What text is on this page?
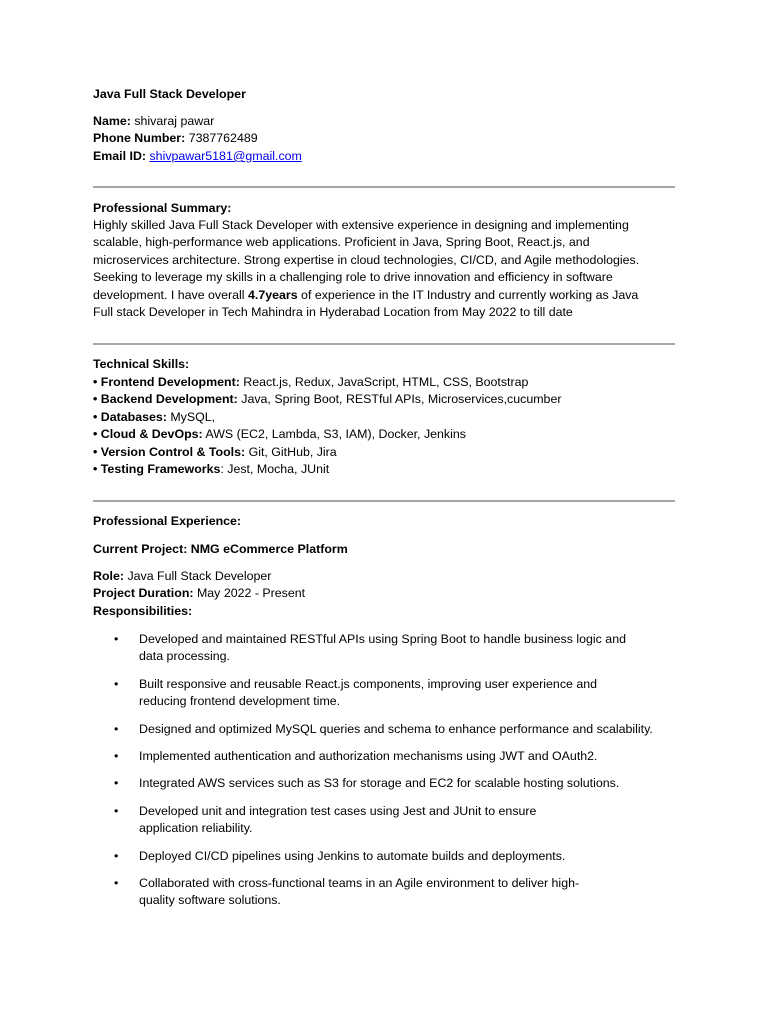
Java Full Stack Developer
Name: shivaraj pawar
Phone Number: 7387762489
Email ID: shivpawar5181@gmail.com
Professional Summary:
Highly skilled Java Full Stack Developer with extensive experience in designing and implementing
scalable, high-performance web applications. Proficient in Java, Spring Boot, React.js, and
microservices architecture. Strong expertise in cloud technologies, CI/CD, and Agile methodologies.
Seeking to leverage my skills in a challenging role to drive innovation and efficiency in software
development. I have overall 4.7years of experience in the IT Industry and currently working as Java
Full stack Developer in Tech Mahindra in Hyderabad Location from May 2022 to till date
Technical Skills:
• Frontend Development: React.js, Redux, JavaScript, HTML, CSS, Bootstrap
• Backend Development: Java, Spring Boot, RESTful APIs, Microservices,cucumber
• Databases: MySQL,
• Cloud & DevOps: AWS (EC2, Lambda, S3, IAM), Docker, Jenkins
• Version Control & Tools: Git, GitHub, Jira
• Testing Frameworks: Jest, Mocha, JUnit
Professional Experience:
Current Project: NMG eCommerce Platform
Role: Java Full Stack Developer
Project Duration: May 2022 - Present
Responsibilities:
• Developed and maintained RESTful APIs using Spring Boot to handle business logic and
data processing.
• Built responsive and reusable React.js components, improving user experience and
reducing frontend development time.
• Designed and optimized MySQL queries and schema to enhance performance and scalability.
• Implemented authentication and authorization mechanisms using JWT and OAuth2.
• Integrated AWS services such as S3 for storage and EC2 for scalable hosting solutions.
• Developed unit and integration test cases using Jest and JUnit to ensure
application reliability.
• Deployed CI/CD pipelines using Jenkins to automate builds and deployments.
• Collaborated with cross-functional teams in an Agile environment to deliver high-
quality software solutions.
